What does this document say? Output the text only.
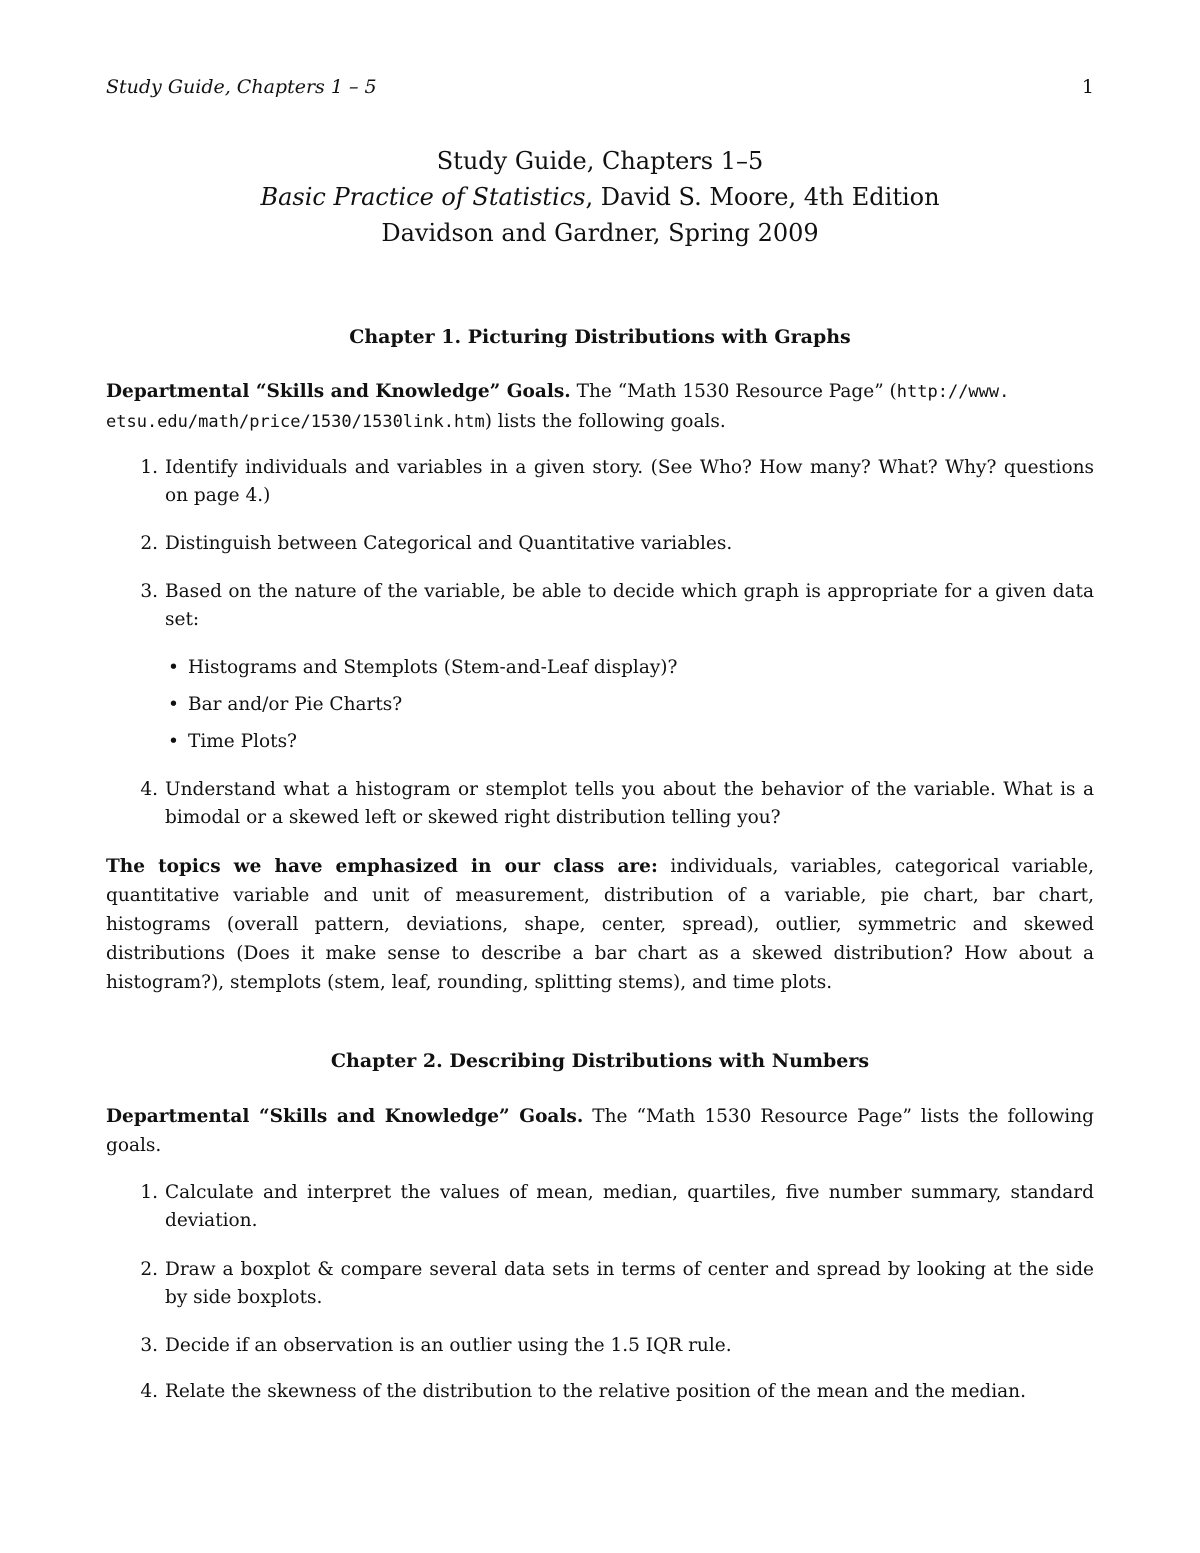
Study Guide, Chapters 1 – 5	1
Study Guide, Chapters 1–5
Basic Practice of Statistics, David S. Moore, 4th Edition
Davidson and Gardner, Spring 2009
Chapter 1. Picturing Distributions with Graphs
Departmental “Skills and Knowledge” Goals. The “Math 1530 Resource Page” (http://www.
etsu.edu/math/price/1530/1530link.htm) lists the following goals.
1. Identify individuals and variables in a given story. (See Who? How many? What? Why? questions on page 4.)
2. Distinguish between Categorical and Quantitative variables.
3. Based on the nature of the variable, be able to decide which graph is appropriate for a given data set:
• Histograms and Stemplots (Stem-and-Leaf display)?
• Bar and/or Pie Charts?
• Time Plots?
4. Understand what a histogram or stemplot tells you about the behavior of the variable. What is a bimodal or a skewed left or skewed right distribution telling you?
The topics we have emphasized in our class are: individuals, variables, categorical variable, quantitative variable and unit of measurement, distribution of a variable, pie chart, bar chart, histograms (overall pattern, deviations, shape, center, spread), outlier, symmetric and skewed distributions (Does it make sense to describe a bar chart as a skewed distribution? How about a histogram?), stemplots (stem, leaf, rounding, splitting stems), and time plots.
Chapter 2. Describing Distributions with Numbers
Departmental “Skills and Knowledge” Goals. The “Math 1530 Resource Page” lists the following goals.
1. Calculate and interpret the values of mean, median, quartiles, five number summary, standard deviation.
2. Draw a boxplot & compare several data sets in terms of center and spread by looking at the side by side boxplots.
3. Decide if an observation is an outlier using the 1.5 IQR rule.
4. Relate the skewness of the distribution to the relative position of the mean and the median.
